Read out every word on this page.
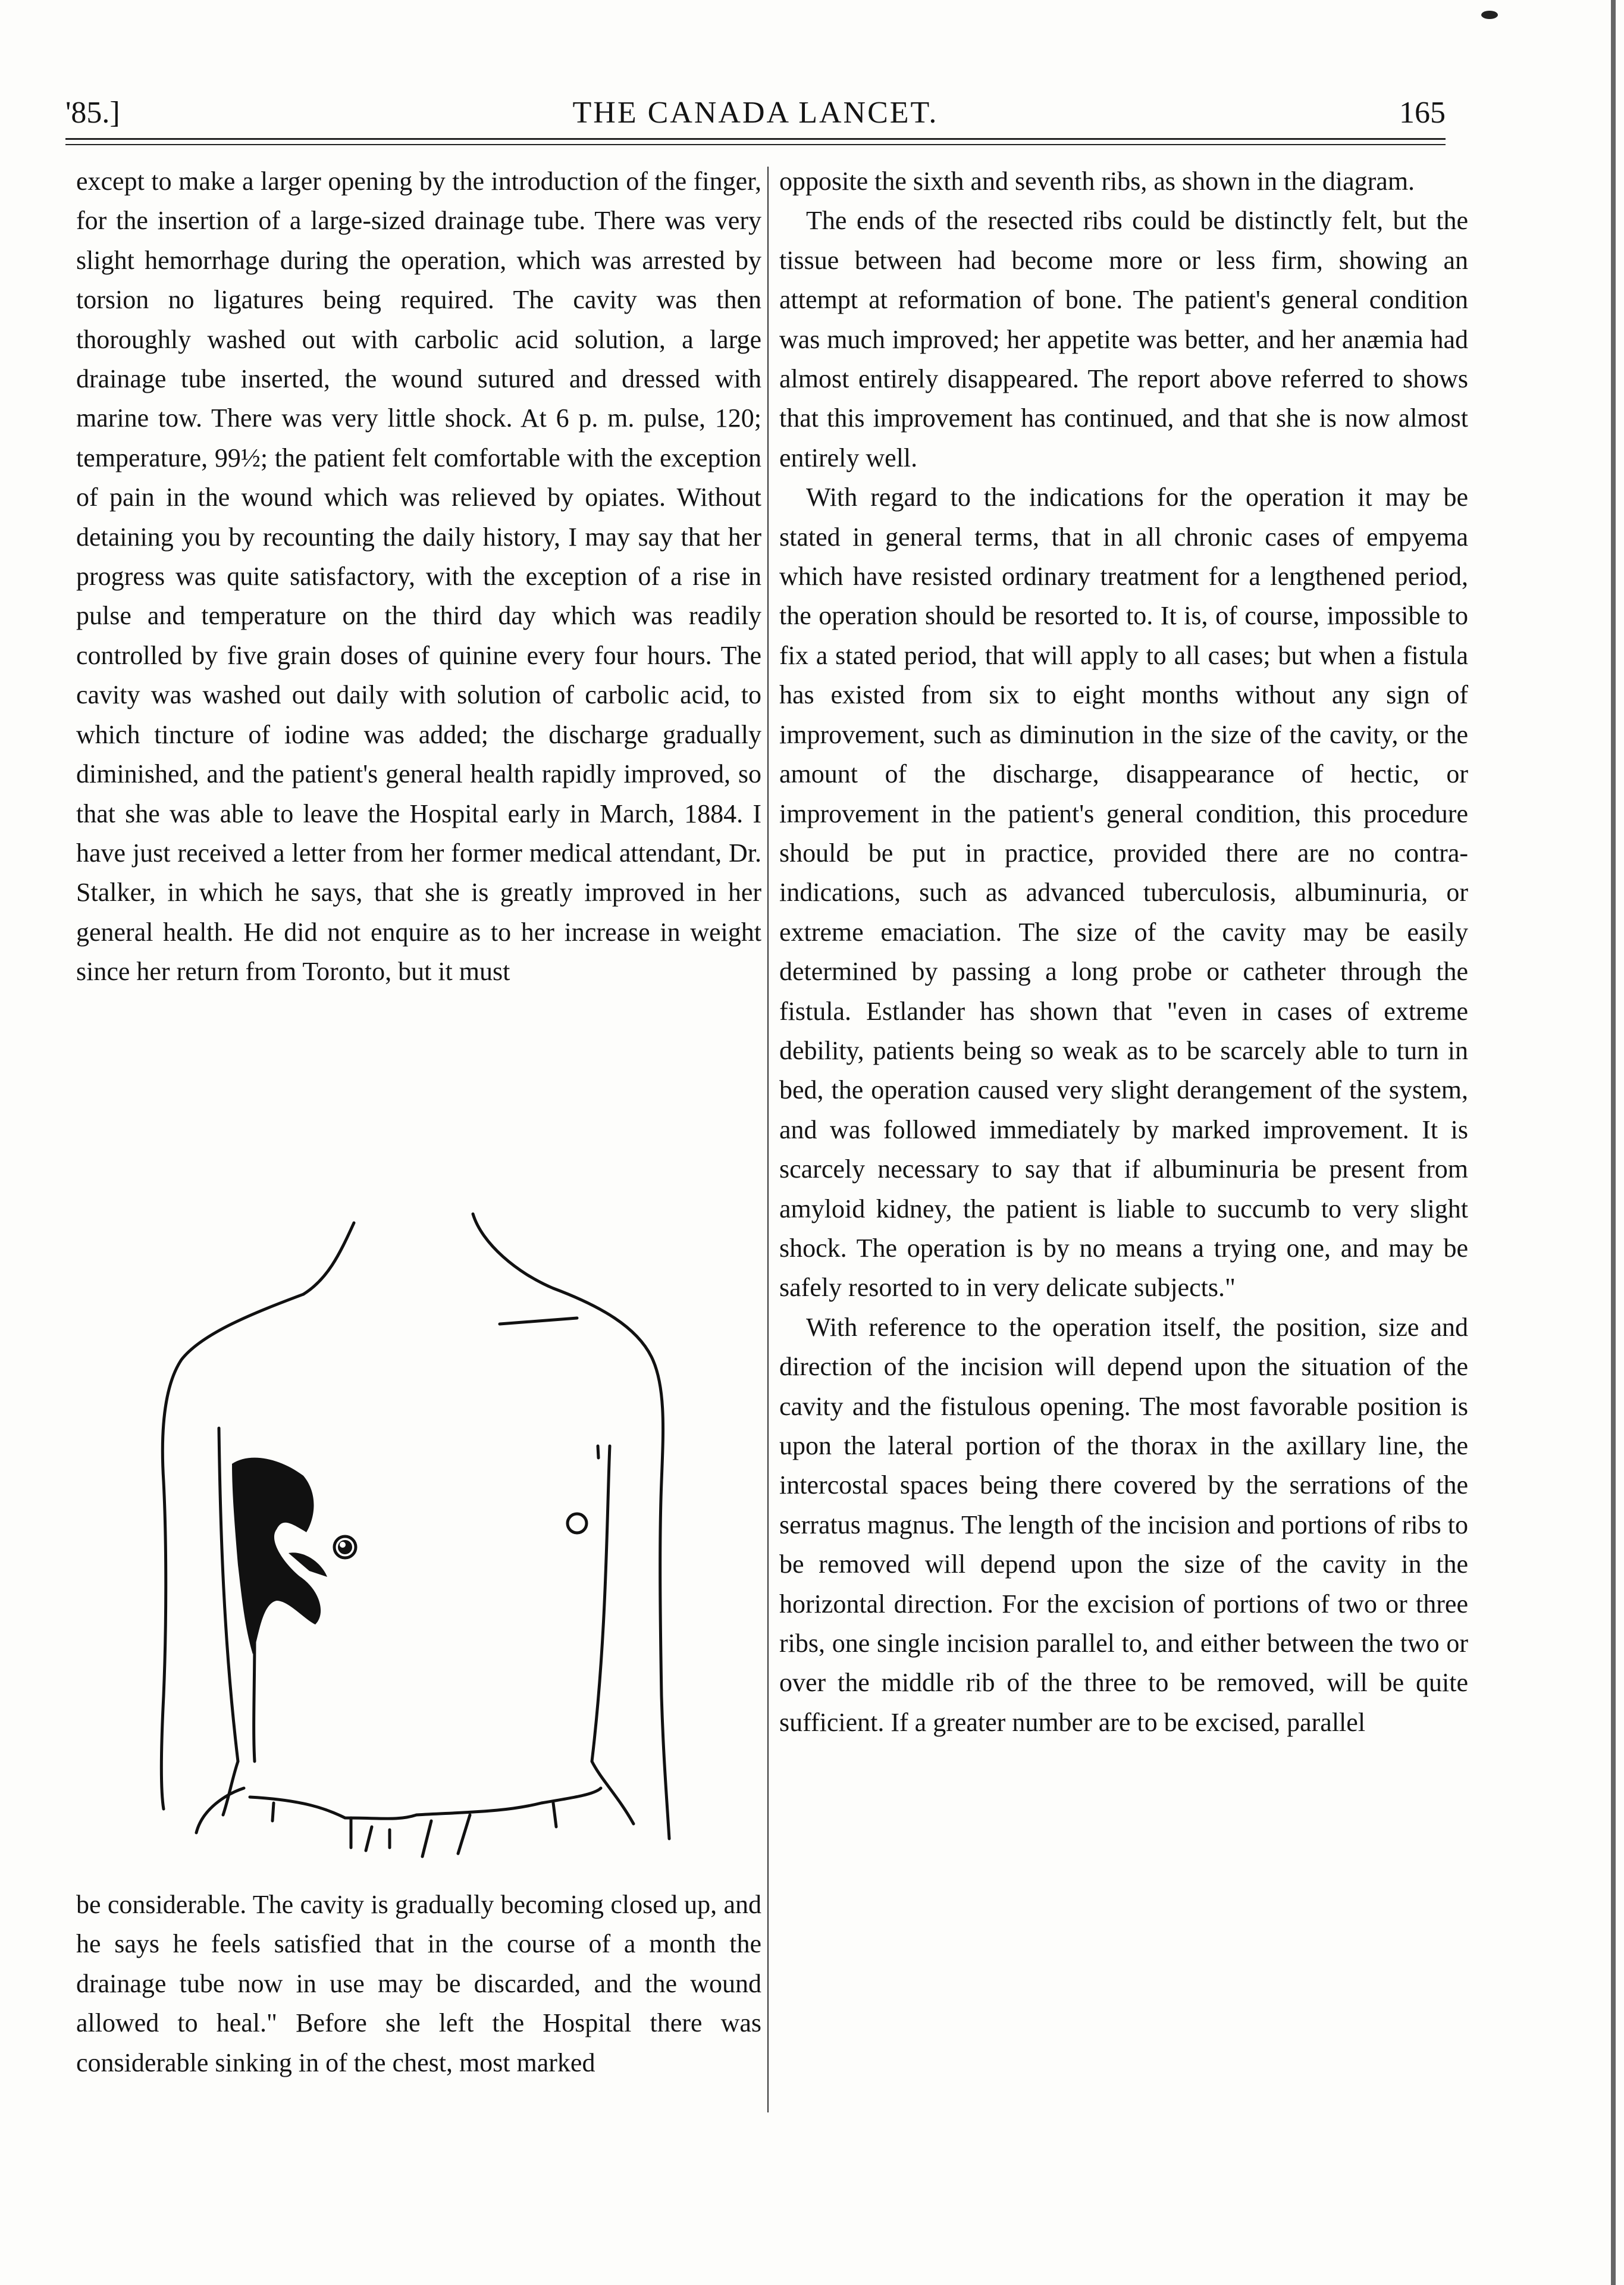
'85.]	THE CANADA LANCET.	165

except to make a larger opening by the introduction of the finger, for the insertion of a large-sized drainage tube. There was very slight hemorrhage during the operation, which was arrested by torsion no ligatures being required. The cavity was then thoroughly washed out with carbolic acid solution, a large drainage tube inserted, the wound sutured and dressed with marine tow. There was very little shock. At 6 p. m. pulse, 120; temperature, 99½; the patient felt comfortable with the exception of pain in the wound which was relieved by opiates. Without detaining you by recounting the daily history, I may say that her progress was quite satisfactory, with the exception of a rise in pulse and temperature on the third day which was readily controlled by five grain doses of quinine every four hours. The cavity was washed out daily with solution of carbolic acid, to which tincture of iodine was added; the discharge gradually diminished, and the patient's general health rapidly improved, so that she was able to leave the Hospital early in March, 1884. I have just received a letter from her former medical attendant, Dr. Stalker, in which he says, that she is greatly improved in her general health. He did not enquire as to her increase in weight since her return from Toronto, but it must

be considerable. The cavity is gradually becoming closed up, and he says he feels satisfied that in the course of a month the drainage tube now in use may be discarded, and the wound allowed to heal." Before she left the Hospital there was considerable sinking in of the chest, most marked

opposite the sixth and seventh ribs, as shown in the diagram.

The ends of the resected ribs could be distinctly felt, but the tissue between had become more or less firm, showing an attempt at reformation of bone. The patient's general condition was much improved; her appetite was better, and her anæmia had almost entirely disappeared. The report above referred to shows that this improvement has continued, and that she is now almost entirely well.

With regard to the indications for the operation it may be stated in general terms, that in all chronic cases of empyema which have resisted ordinary treatment for a lengthened period, the operation should be resorted to. It is, of course, impossible to fix a stated period, that will apply to all cases; but when a fistula has existed from six to eight months without any sign of improvement, such as diminution in the size of the cavity, or the amount of the discharge, disappearance of hectic, or improvement in the patient's general condition, this procedure should be put in practice, provided there are no contra-indications, such as advanced tuberculosis, albuminuria, or extreme emaciation. The size of the cavity may be easily determined by passing a long probe or catheter through the fistula. Estlander has shown that "even in cases of extreme debility, patients being so weak as to be scarcely able to turn in bed, the operation caused very slight derangement of the system, and was followed immediately by marked improvement. It is scarcely necessary to say that if albuminuria be present from amyloid kidney, the patient is liable to succumb to very slight shock. The operation is by no means a trying one, and may be safely resorted to in very delicate subjects."

With reference to the operation itself, the position, size and direction of the incision will depend upon the situation of the cavity and the fistulous opening. The most favorable position is upon the lateral portion of the thorax in the axillary line, the intercostal spaces being there covered by the serrations of the serratus magnus. The length of the incision and portions of ribs to be removed will depend upon the size of the cavity in the horizontal direction. For the excision of portions of two or three ribs, one single incision parallel to, and either between the two or over the middle rib of the three to be removed, will be quite sufficient. If a greater number are to be excised, parallel
